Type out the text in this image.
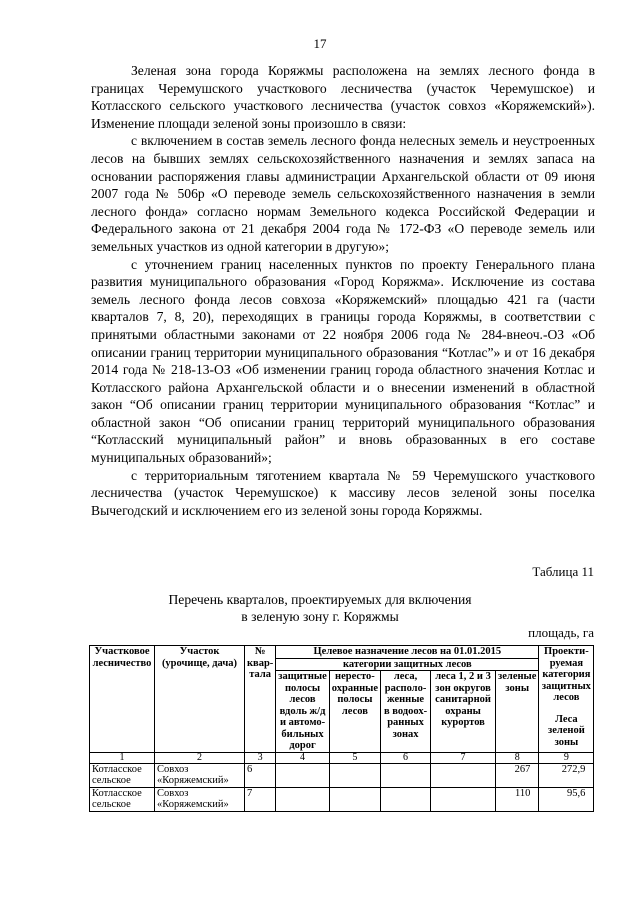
17

Зеленая зона города Коряжмы расположена на землях лесного фонда в границах Черемушского участкового лесничества (участок Черемушское) и Котласского сельского участкового лесничества (участок совхоз «Коряжемский»). Изменение площади зеленой зоны произошло в связи:

с включением в состав земель лесного фонда нелесных земель и неустроенных лесов на бывших землях сельскохозяйственного назначения и землях запаса на основании распоряжения главы администрации Архангельской области от 09 июня 2007 года № 506р «О переводе земель сельскохозяйственного назначения в земли лесного фонда» согласно нормам Земельного кодекса Российской Федерации и Федерального закона от 21 декабря 2004 года № 172-ФЗ «О переводе земель или земельных участков из одной категории в другую»;

с уточнением границ населенных пунктов по проекту Генерального плана развития муниципального образования «Город Коряжма». Исключение из состава земель лесного фонда лесов совхоза «Коряжемский» площадью 421 га (части кварталов 7, 8, 20), переходящих в границы города Коряжмы, в соответствии с принятыми областными законами от 22 ноября 2006 года № 284-внеоч.-ОЗ «Об описании границ территории муниципального образования “Котлас”» и от 16 декабря 2014 года № 218-13-ОЗ «Об изменении границ города областного значения Котлас и Котласского района Архангельской области и о внесении изменений в областной закон “Об описании границ территории муниципального образования “Котлас” и областной закон “Об описании границ территорий муниципального образования “Котласский муниципальный район” и вновь образованных в его составе муниципальных образований»;

с территориальным тяготением квартала № 59 Черемушского участкового лесничества (участок Черемушское) к массиву лесов зеленой зоны поселка Вычегодский и исключением его из зеленой зоны города Коряжмы.

Таблица 11
Перечень кварталов, проектируемых для включения
в зеленую зону г. Коряжмы
площадь, га
Участковое лесничество	Участок (урочище, дача)	№ квар-тала	Целевое назначение лесов на 01.01.2015					Проекти-руемая категория защитных лесов
Леса зеленой зоны

			категории защитных лесов					
			защитные полосы лесов вдоль ж/д и автомо-бильных дорог	нересто-охранные полосы лесов	леса, располо-женные в водоох-ранных зонах	леса 1, 2 и 3 зон округов санитарной охраны курортов	зеленые зоны	
1	2	3	4	5	6	7	8	9
Котласское сельское	Совхоз «Коряжемский»	6					267	272,9
Котласское сельское	Совхоз «Коряжемский»	7					110	95,6
